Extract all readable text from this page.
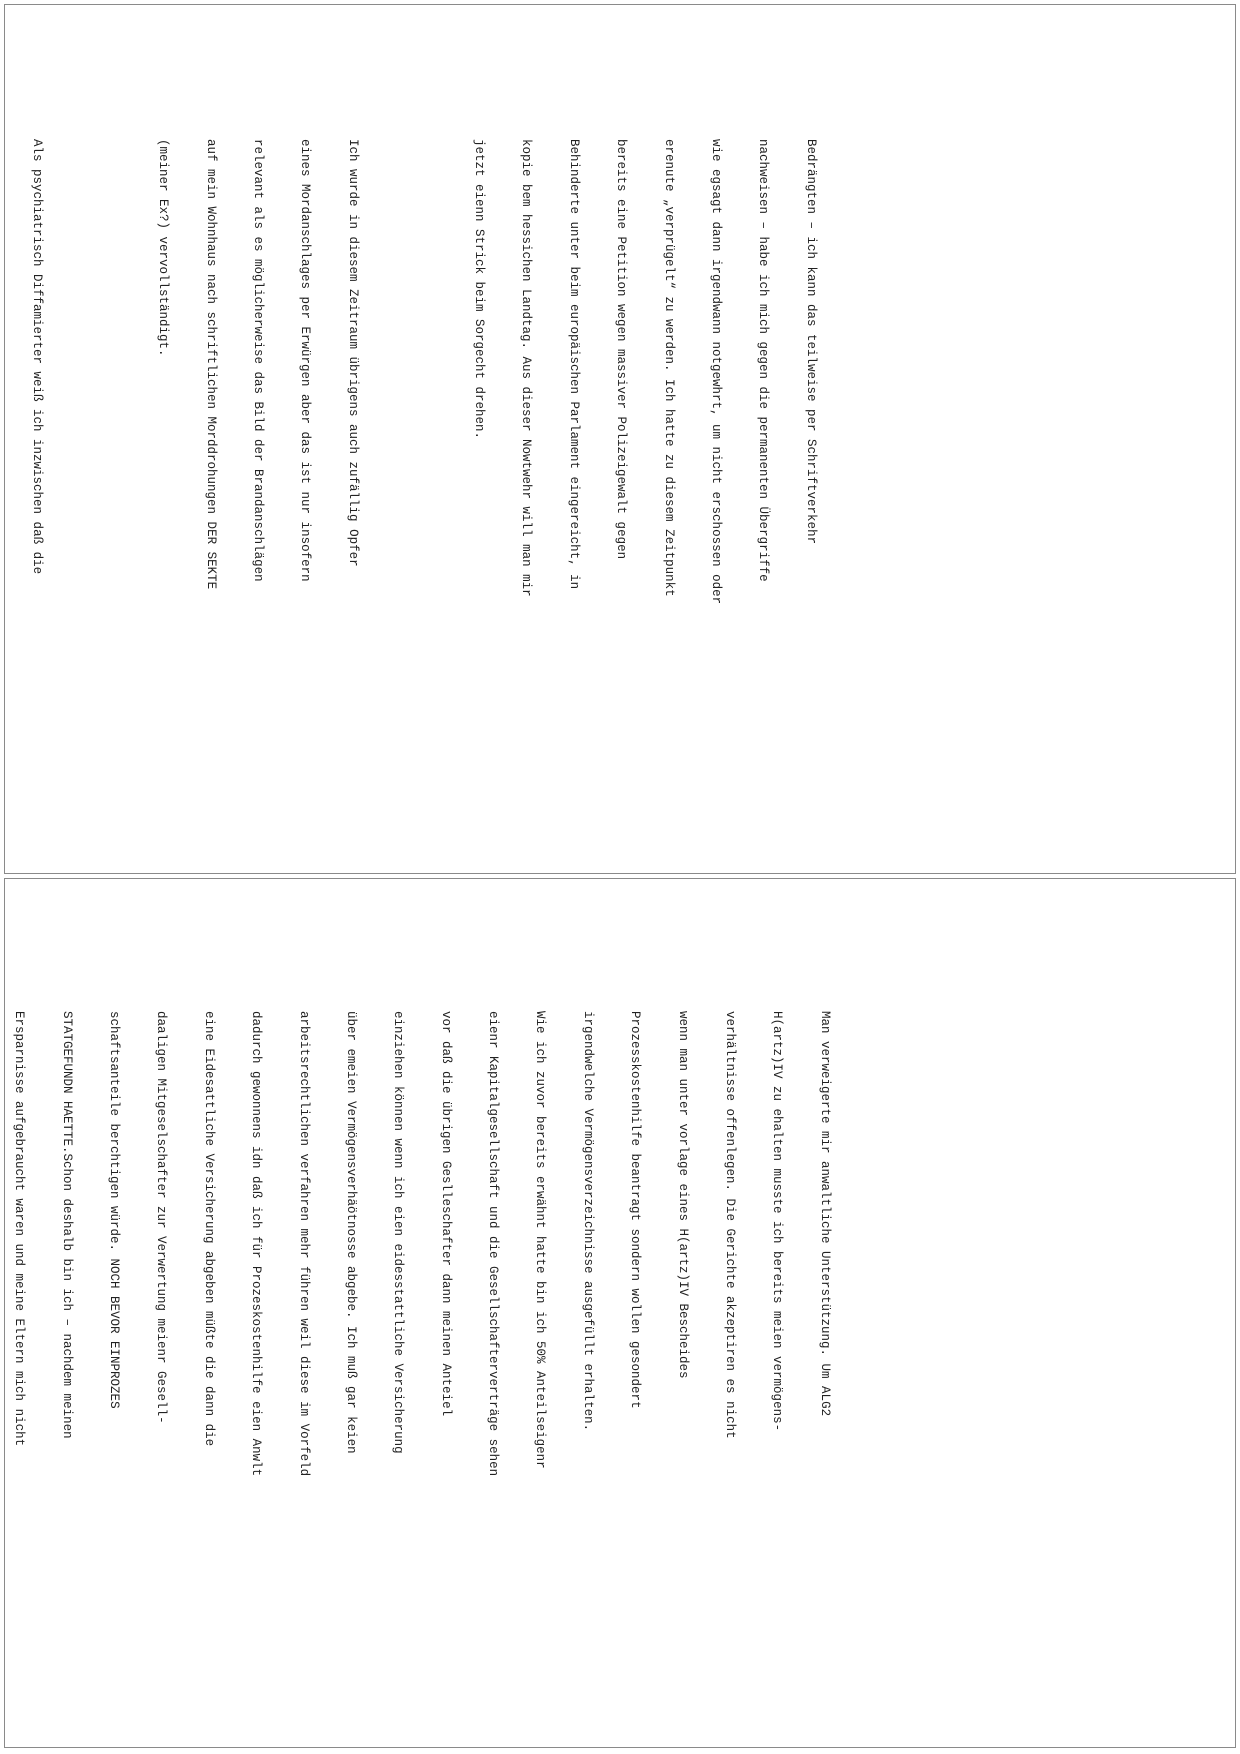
Bedrängten – ich kann das teilweise per Schriftverkehr

nachweisen – habe ich mich gegen die permanenten Übergriffe

wie egsagt dann irgendwann notgewhrt, um nicht erschossen oder

erenute „verprügelt“ zu werden. Ich hatte zu diesem Zeitpunkt

bereits eine Petition wegen massiver Polizeigewalt gegen

Behinderte unter beim europäischen Parlament eingereicht, in

kopie bem hessichen Landtag. Aus dieser Nowtwehr will man mir

jetzt eienn Strick beim Sorgecht drehen.

Ich wurde in diesem Zeitraum übrigens auch zufällig Opfer

eines Mordanschlages per Erwürgen aber das ist nur insofern

relevant als es möglicherweise das Bild der Brandanschlägen

auf mein Wohnhaus nach schriftlichen Morddrohungen DER SEKTE

(meiner Ex?) vervollständigt.

Als psychiatrisch Diffamierter weiß ich inzwischen daß die

Man verweigerte mir anwaltliche Unterstützung. Um ALG2

H(artz)IV zu ehalten musste ich bereits meien vermögens-

verhältnisse offenlegen. Die Gerichte akzeptiren es nicht

wenn man unter vorlage eines H(artz)IV Bescheides

Prozesskostenhilfe beantragt sondern wollen gesondert

irgendwelche Vermögensverzeichnisse ausgefüllt erhalten.

Wie ich zuvor bereits erwähnt hatte bin ich 50% Anteilseigenr

eienr Kapitalgesellschaft und die Gesellschafterverträge sehen

vor daß die übrigen Geslleschafter dann meinen Anteiel

einziehen können wenn ich eien eidesstattliche Versicherung

über emeien Vermögensverhäötnosse abgebe. Ich muß gar keien

arbeitsrechtlichen verfahren mehr führen weil diese im Vorfeld

dadurch gewonnens idn daß ich für Prozeskostenhilfe eien Anwlt

eine Eidesattliche Versicherung abgeben müßte die dann die

daaligen Mitgeselschafter zur Verwertung meienr Gesell-

schaftsanteile berchtigen würde. NOCH BEVOR EINPROZES

STATGEFUNDN HAETTE.Schon deshalb bin ich – nachdem meinen

Ersparnisse aufgebraucht waren und meine Eltern mich nicht
